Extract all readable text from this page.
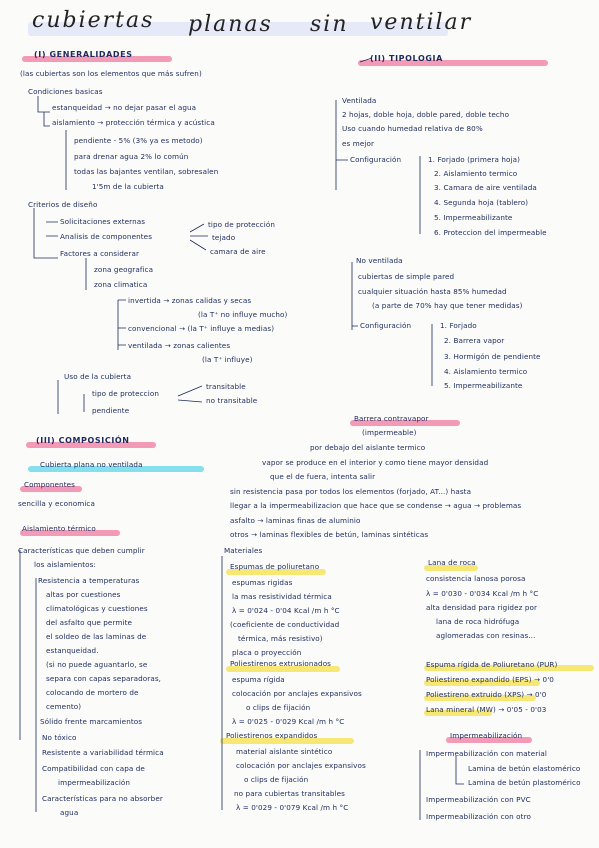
cubiertas planas sin ventilar
(I) GENERALIDADES
(las cubiertas son los elementos que más sufren)
Condiciones basicas
estanqueidad → no dejar pasar el agua
aislamiento → protección térmica y acústica
pendiente - 5% (3% ya es metodo)
para drenar agua 2% lo común
todas las bajantes ventilan, sobresalen
1'5m de la cubierta
Criterios de diseño
Solicitaciones externas
Analisis de componentes
tipo de protección
tejado
camara de aire
Factores a considerar
zona geografica
zona climatica
invertida → zonas calidas y secas
(la T⁺ no influye mucho)
convencional → (la T⁺ influye a medias)
ventilada → zonas calientes
(la T⁺ influye)
Uso de la cubierta
tipo de proteccion
pendiente
transitable
no transitable
(II) TIPOLOGIA
Ventilada
2 hojas, doble hoja, doble pared, doble techo
Uso cuando humedad relativa de 80%
es mejor
Configuración	1. Forjado (primera hoja)
2. Aislamiento termico
3. Camara de aire ventilada
4. Segunda hoja (tablero)
5. Impermeabilizante
6. Proteccion del impermeable
No ventilada
cubiertas de simple pared
cualquier situación hasta 85% humedad
(a parte de 70% hay que tener medidas)
Configuración	1. Forjado
2. Barrera vapor
3. Hormigón de pendiente
4. Aislamiento termico
5. Impermeabilizante
Barrera contravapor
(impermeable)
por debajo del aislante termico
vapor se produce en el interior y como tiene mayor densidad
que el de fuera, intenta salir
sin resistencia pasa por todos los elementos (forjado, AT...) hasta
llegar a la impermeabilizacion que hace que se condense → agua → problemas
asfalto → laminas finas de aluminio
otros → laminas flexibles de betún, laminas sintéticas
(III) COMPOSICIÓN
Cubierta plana no ventilada
Componentes
sencilla y economica
Aislamiento térmico
Características que deben cumplir
los aislamientos:
Resistencia a temperaturas
altas por cuestiones
climatológicas y cuestiones
del asfalto que permite
el soldeo de las laminas de
estanqueidad.
(si no puede aguantarlo, se
separa con capas separadoras,
colocando de mortero de
cemento)
Sólido frente marcamientos
No tóxico
Resistente a variabilidad térmica
Compatibilidad con capa de
impermeabilización
Características para no absorber
agua
Materiales
Espumas de poliuretano
espumas rigidas
la mas resistividad térmica
λ = 0'024 - 0'04 Kcal /m h °C
(coeficiente de conductividad
térmica, más resistivo)
placa o proyección
Poliestirenos extrusionados
espuma rígida
colocación por anclajes expansivos
o clips de fijación
λ = 0'025 - 0'029 Kcal /m h °C
Poliestirenos expandidos
material aislante sintético
colocación por anclajes expansivos
o clips de fijación
no para cubiertas transitables
λ = 0'029 - 0'079 Kcal /m h °C
Lana de roca
consistencia lanosa porosa
λ = 0'030 - 0'034 Kcal /m h °C
alta densidad para rigidez por
lana de roca hidrófuga
aglomeradas con resinas...
Espuma rígida de Poliuretano (PUR)
Poliestireno expandido (EPS) → 0'0
Poliestireno extruido (XPS) → 0'0
Lana mineral (MW) → 0'05 - 0'03
Impermeabilización
Impermeabilización con material
Lamina de betún elastomérico
Lamina de betún plastomérico
Impermeabilización con PVC
Impermeabilización con otro
